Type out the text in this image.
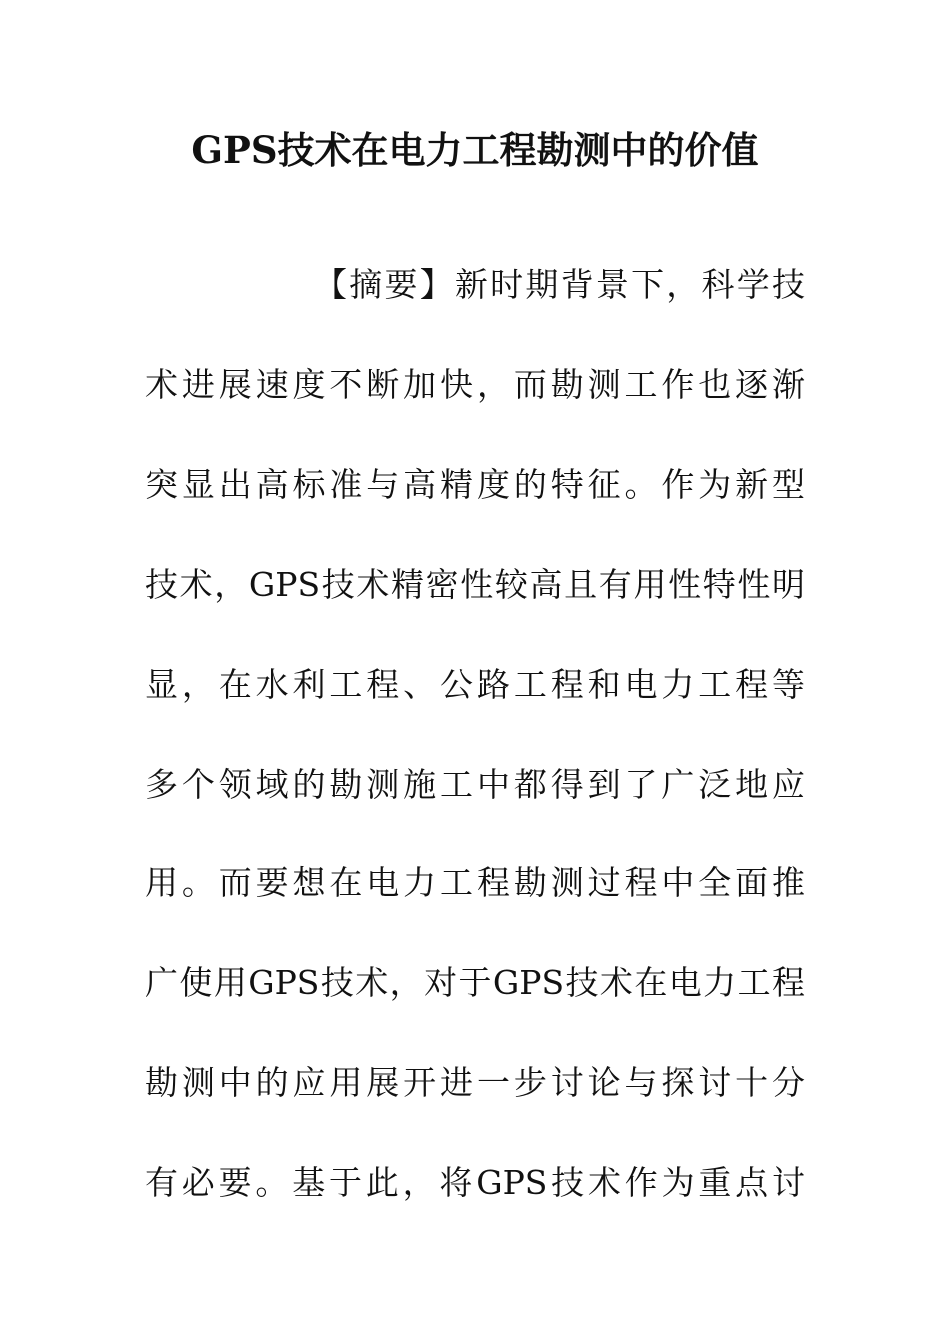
GPS技术在电力工程勘测中的价值
【摘要】新时期背景下，科学技
术进展速度不断加快，而勘测工作也逐渐
突显出高标准与高精度的特征。作为新型
技术，GPS技术精密性较高且有用性特性明
显，在水利工程、公路工程和电力工程等
多个领域的勘测施工中都得到了广泛地应
用。而要想在电力工程勘测过程中全面推
广使用GPS技术，对于GPS技术在电力工程
勘测中的应用展开进一步讨论与探讨十分
有必要。基于此，将GPS技术作为重点讨
